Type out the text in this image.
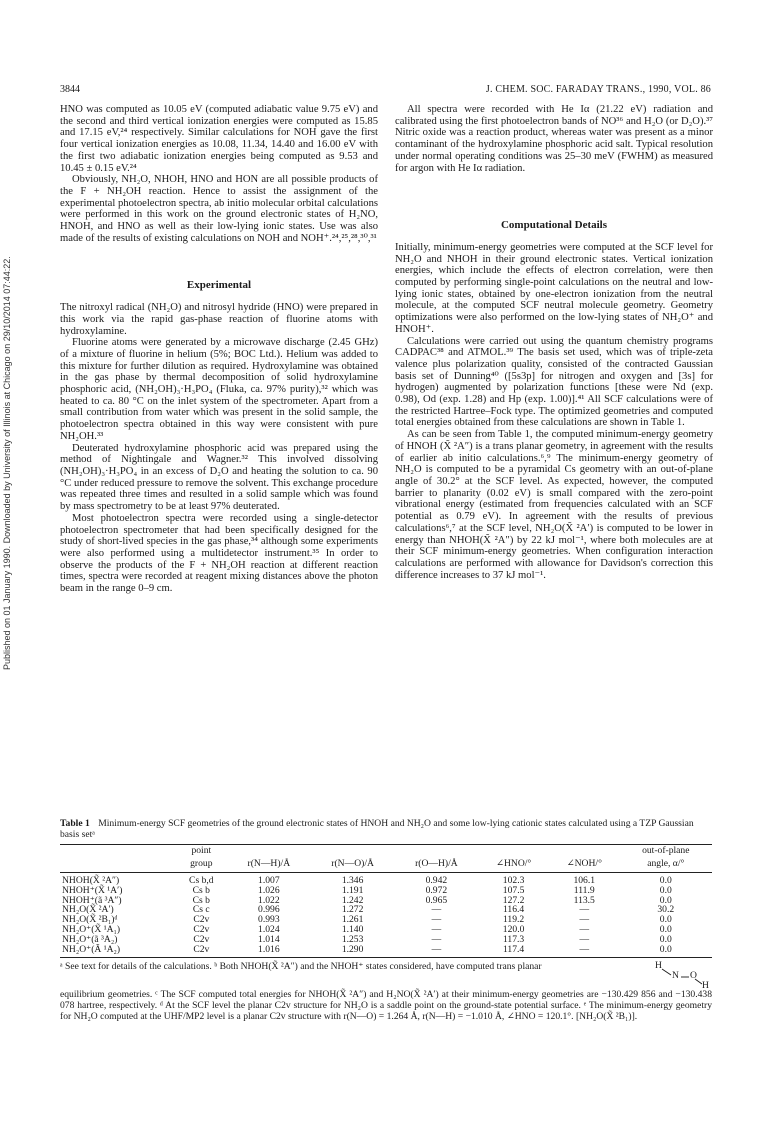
Published on 01 January 1990. Downloaded by University of Illinois at Chicago on 29/10/2014 07:44:22.
3844	J. CHEM. SOC. FARADAY TRANS., 1990, VOL. 86

HNO was computed as 10.05 eV (computed adiabatic value 9.75 eV) and the second and third vertical ionization energies were computed as 15.85 and 17.15 eV,²⁴ respectively. Similar calculations for NOH gave the first four vertical ionization energies as 10.08, 11.34, 14.40 and 16.00 eV with the first two adiabatic ionization energies being computed as 9.53 and 10.45 ± 0.15 eV.²⁴

Obviously, NH₂O, NHOH, HNO and HON are all possible products of the F + NH₂OH reaction. Hence to assist the assignment of the experimental photoelectron spectra, ab initio molecular orbital calculations were performed in this work on the ground electronic states of H₂NO, HNOH, and HNO as well as their low-lying ionic states. Use was also made of the results of existing calculations on NOH and NOH⁺.²⁴,²⁵,²⁸,³⁰,³¹

Experimental

The nitroxyl radical (NH₂O) and nitrosyl hydride (HNO) were prepared in this work via the rapid gas-phase reaction of fluorine atoms with hydroxylamine.

Fluorine atoms were generated by a microwave discharge (2.45 GHz) of a mixture of fluorine in helium (5%; BOC Ltd.). Helium was added to this mixture for further dilution as required. Hydroxylamine was obtained in the gas phase by thermal decomposition of solid hydroxylamine phosphoric acid, (NH₂OH)₃·H₃PO₄ (Fluka, ca. 97% purity),³² which was heated to ca. 80 °C on the inlet system of the spectrometer. Apart from a small contribution from water which was present in the solid sample, the photoelectron spectra obtained in this way were consistent with pure NH₂OH.³³

Deuterated hydroxylamine phosphoric acid was prepared using the method of Nightingale and Wagner.³² This involved dissolving (NH₂OH)₃·H₃PO₄ in an excess of D₂O and heating the solution to ca. 90 °C under reduced pressure to remove the solvent. This exchange procedure was repeated three times and resulted in a solid sample which was found by mass spectrometry to be at least 97% deuterated.

Most photoelectron spectra were recorded using a single-detector photoelectron spectrometer that had been specifically designed for the study of short-lived species in the gas phase,³⁴ although some experiments were also performed using a multidetector instrument.³⁵ In order to observe the products of the F + NH₂OH reaction at different reaction times, spectra were recorded at reagent mixing distances above the photon beam in the range 0–9 cm.

All spectra were recorded with He Iα (21.22 eV) radiation and calibrated using the first photoelectron bands of NO³⁶ and H₂O (or D₂O).³⁷ Nitric oxide was a reaction product, whereas water was present as a minor contaminant of the hydroxylamine phosphoric acid salt. Typical resolution under normal operating conditions was 25–30 meV (FWHM) as measured for argon with He Iα radiation.

Computational Details

Initially, minimum-energy geometries were computed at the SCF level for NH₂O and NHOH in their ground electronic states. Vertical ionization energies, which include the effects of electron correlation, were then computed by performing single-point calculations on the neutral and low-lying ionic states, obtained by one-electron ionization from the neutral molecule, at the computed SCF neutral molecule geometry. Geometry optimizations were also performed on the low-lying states of NH₂O⁺ and HNOH⁺.

Calculations were carried out using the quantum chemistry programs CADPAC³⁸ and ATMOL.³⁹ The basis set used, which was of triple-zeta valence plus polarization quality, consisted of the contracted Gaussian basis set of Dunning⁴⁰ ([5s3p] for nitrogen and oxygen and [3s] for hydrogen) augmented by polarization functions [these were Nd (exp. 0.98), Od (exp. 1.28) and Hp (exp. 1.00)].⁴¹ All SCF calculations were of the restricted Hartree–Fock type. The optimized geometries and computed total energies obtained from these calculations are shown in Table 1.

As can be seen from Table 1, the computed minimum-energy geometry of HNOH (X̃ ²A″) is a trans planar geometry, in agreement with the results of earlier ab initio calculations.⁶,⁹ The minimum-energy geometry of NH₂O is computed to be a pyramidal Cs geometry with an out-of-plane angle of 30.2° at the SCF level. As expected, however, the computed barrier to planarity (0.02 eV) is small compared with the zero-point vibrational energy (estimated from frequencies calculated with an SCF potential as 0.79 eV). In agreement with the results of previous calculations⁶,⁷ at the SCF level, NH₂O(X̃ ²A′) is computed to be lower in energy than NHOH(X̃ ²A″) by 22 kJ mol⁻¹, where both molecules are at their SCF minimum-energy geometries. When configuration interaction calculations are performed with allowance for Davidson's correction this difference increases to 37 kJ mol⁻¹.

Table 1 Minimum-energy SCF geometries of the ground electronic states of HNOH and NH₂O and some low-lying cationic states calculated using a TZP Gaussian basis setᵃ
	point						out-of-plane
	group	r(N—H)/Å	r(N—O)/Å	r(O—H)/Å	∠HNO/°	∠NOH/°	angle, α/°
NHOH(X̃ ²A″)	Cs b,d	1.007	1.346	0.942	102.3	106.1	0.0
NHOH⁺(X̃ ¹A′)	Cs b	1.026	1.191	0.972	107.5	111.9	0.0
NHOH⁺(ã ³A″)	Cs b	1.022	1.242	0.965	127.2	113.5	0.0
NH₂O(X̃ ²A′)	Cs c	0.996	1.272	—	116.4	—	30.2
NH₂O(X̃ ²B₁)ᵈ	C2v	0.993	1.261	—	119.2	—	0.0
NH₂O⁺(X̃ ¹A₁)	C2v	1.024	1.140	—	120.0	—	0.0
NH₂O⁺(ã ³A₂)	C2v	1.014	1.253	—	117.3	—	0.0
NH₂O⁺(Ã ¹A₂)	C2v	1.016	1.290	—	117.4	—	0.0
ᵃ See text for details of the calculations. ᵇ Both NHOH(X̃ ²A″) and the NHOH⁺ states considered, have computed trans planar	H
N O
H
equilibrium geometries. ᶜ The SCF computed total energies for NHOH(X̃ ²A″) and H₂NO(X̃ ²A′) at their minimum-energy geometries are −130.429 856 and −130.438 078 hartree, respectively. ᵈ At the SCF level the planar C2v structure for NH₂O is a saddle point on the ground-state potential surface. ᵉ The minimum-energy geometry for NH₂O computed at the UHF/MP2 level is a planar C2v structure with r(N—O) = 1.264 Å, r(N—H) = −1.010 Å, ∠HNO = 120.1°. [NH₂O(X̃ ²B₁)].
